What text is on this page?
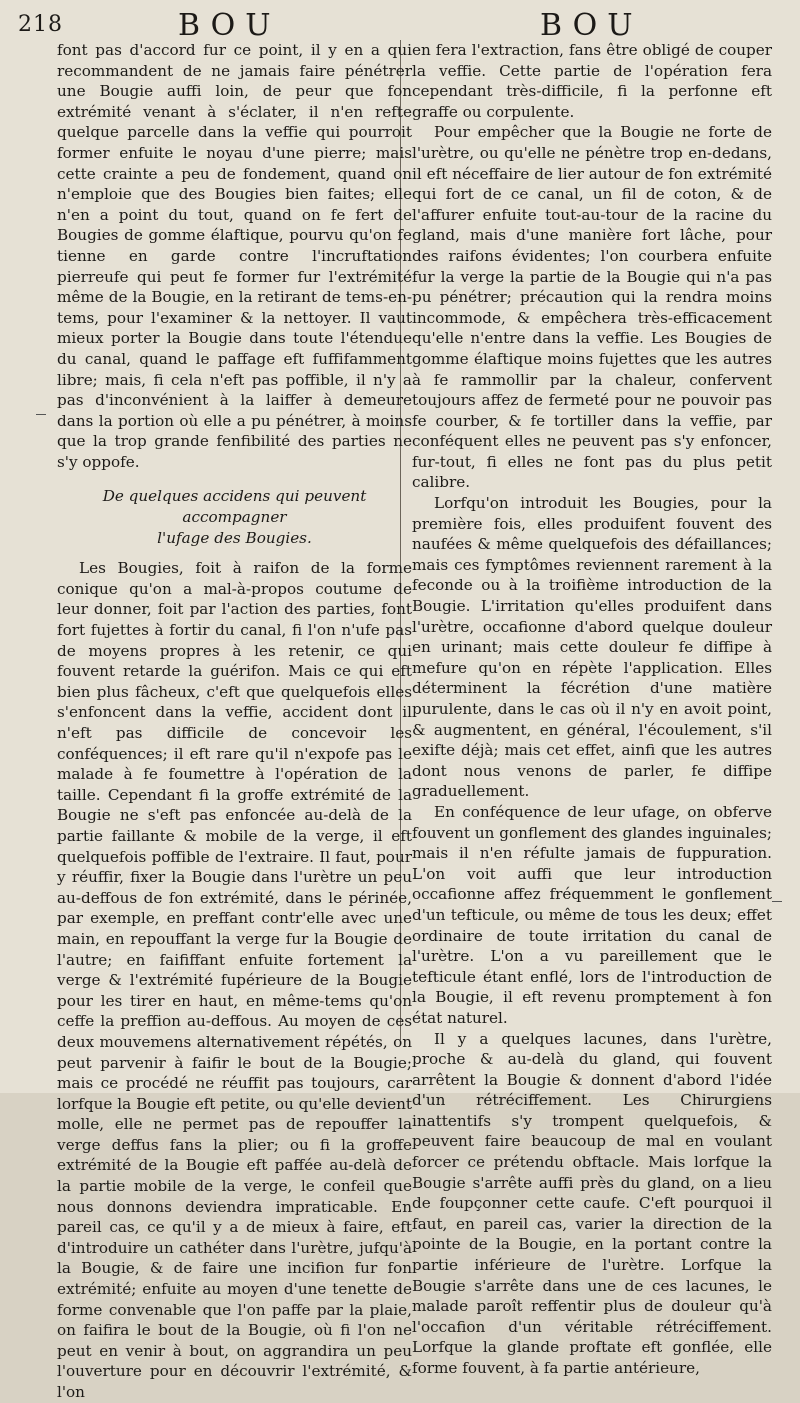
218	BOU	BOU

font pas d'accord fur ce point, il y en a qui recommandent de ne jamais faire pénétrer une Bougie auffi loin, de peur que fon extrémité venant à s'éclater, il n'en refte quelque parcelle dans la veffie qui pourroit former enfuite le noyau d'une pierre; mais cette crainte a peu de fondement, quand on n'emploie que des Bougies bien faites; elle n'en a point du tout, quand on fe fert de Bougies de gomme élaftique, pourvu qu'on fe tienne en garde contre l'incruftation pierreufe qui peut fe former fur l'extrémité même de la Bougie, en la retirant de tems-en-tems, pour l'examiner & la nettoyer. Il vaut mieux porter la Bougie dans toute l'étendue du canal, quand le paffage eft fuffifamment libre; mais, fi cela n'eft pas poffible, il n'y a pas d'inconvénient à la laiffer à demeure dans la portion où elle a pu pénétrer, à moins que la trop grande fenfibilité des parties ne s'y oppofe.

De quelques accidens qui peuvent accompagner
l'ufage des Bougies.

Les Bougies, foit à raifon de la forme conique qu'on a mal-à-propos coutume de leur donner, foit par l'action des parties, font fort fujettes à fortir du canal, fi l'on n'ufe pas de moyens propres à les retenir, ce qui fouvent retarde la guérifon. Mais ce qui eft bien plus fâcheux, c'eft que quelquefois elles s'enfoncent dans la veffie, accident dont il n'eft pas difficile de concevoir les conféquences; il eft rare qu'il n'expofe pas le malade à fe foumettre à l'opération de la taille. Cependant fi la groffe extrémité de la Bougie ne s'eft pas enfoncée au-delà de la partie faillante & mobile de la verge, il eft quelquefois poffible de l'extraire. Il faut, pour y réuffir, fixer la Bougie dans l'urètre un peu au-deffous de fon extrémité, dans le périnée, par exemple, en preffant contr'elle avec une main, en repouffant la verge fur la Bougie de l'autre; en faififfant enfuite fortement la verge & l'extrémité fupérieure de la Bougie pour les tirer en haut, en même-tems qu'on ceffe la preffion au-deffous. Au moyen de ces deux mouvemens alternativement répétés, on peut parvenir à faifir le bout de la Bougie; mais ce procédé ne réuffit pas toujours, car lorfque la Bougie eft petite, ou qu'elle devient molle, elle ne permet pas de repouffer la verge deffus fans la plier; ou fi la groffe extrémité de la Bougie eft paffée au-delà de la partie mobile de la verge, le confeil que nous donnons deviendra impraticable. En pareil cas, ce qu'il y a de mieux à faire, eft d'introduire un cathéter dans l'urètre, jufqu'à la Bougie, & de faire une incifion fur fon extrémité; enfuite au moyen d'une tenette de forme convenable que l'on paffe par la plaie, on faifira le bout de la Bougie, où fi l'on ne peut en venir à bout, on aggrandira un peu l'ouverture pour en découvrir l'extrémité, & l'on

en fera l'extraction, fans être obligé de couper la veffie. Cette partie de l'opération fera cependant très-difficile, fi la perfonne eft graffe ou corpulente.

Pour empêcher que la Bougie ne forte de l'urètre, ou qu'elle ne pénètre trop en-dedans, il eft néceffaire de lier autour de fon extrémité qui fort de ce canal, un fil de coton, & de l'affurer enfuite tout-au-tour de la racine du gland, mais d'une manière fort lâche, pour des raifons évidentes; l'on courbera enfuite fur la verge la partie de la Bougie qui n'a pas pu pénétrer; précaution qui la rendra moins incommode, & empêchera très-efficacement qu'elle n'entre dans la veffie. Les Bougies de gomme élaftique moins fujettes que les autres à fe rammollir par la chaleur, confervent toujours affez de fermeté pour ne pouvoir pas fe courber, & fe tortiller dans la veffie, par conféquent elles ne peuvent pas s'y enfoncer, fur-tout, fi elles ne font pas du plus petit calibre.

Lorfqu'on introduit les Bougies, pour la première fois, elles produifent fouvent des naufées & même quelquefois des défaillances; mais ces fymptômes reviennent rarement à la feconde ou à la troifième introduction de la Bougie. L'irritation qu'elles produifent dans l'urètre, occafionne d'abord quelque douleur en urinant; mais cette douleur fe diffipe à mefure qu'on en répète l'application. Elles déterminent la fécrétion d'une matière purulente, dans le cas où il n'y en avoit point, & augmentent, en général, l'écoulement, s'il exifte déjà; mais cet effet, ainfi que les autres dont nous venons de parler, fe diffipe graduellement.

En conféquence de leur ufage, on obferve fouvent un gonflement des glandes inguinales; mais il n'en réfulte jamais de fuppuration. L'on voit auffi que leur introduction occafionne affez fréquemment le gonflement d'un tefticule, ou même de tous les deux; effet ordinaire de toute irritation du canal de l'urètre. L'on a vu pareillement que le tefticule étant enflé, lors de l'introduction de la Bougie, il eft revenu promptement à fon état naturel.

Il y a quelques lacunes, dans l'urètre, proche & au-delà du gland, qui fouvent arrêtent la Bougie & donnent d'abord l'idée d'un rétréciffement. Les Chirurgiens inattentifs s'y trompent quelquefois, & peuvent faire beaucoup de mal en voulant forcer ce prétendu obftacle. Mais lorfque la Bougie s'arrête auffi près du gland, on a lieu de foupçonner cette caufe. C'eft pourquoi il faut, en pareil cas, varier la direction de la pointe de la Bougie, en la portant contre la partie inférieure de l'urètre. Lorfque la Bougie s'arrête dans une de ces lacunes, le malade paroît reffentir plus de douleur qu'à l'occafion d'un véritable rétréciffement. Lorfque la glande proftate eft gonflée, elle forme fouvent, à fa partie antérieure,
